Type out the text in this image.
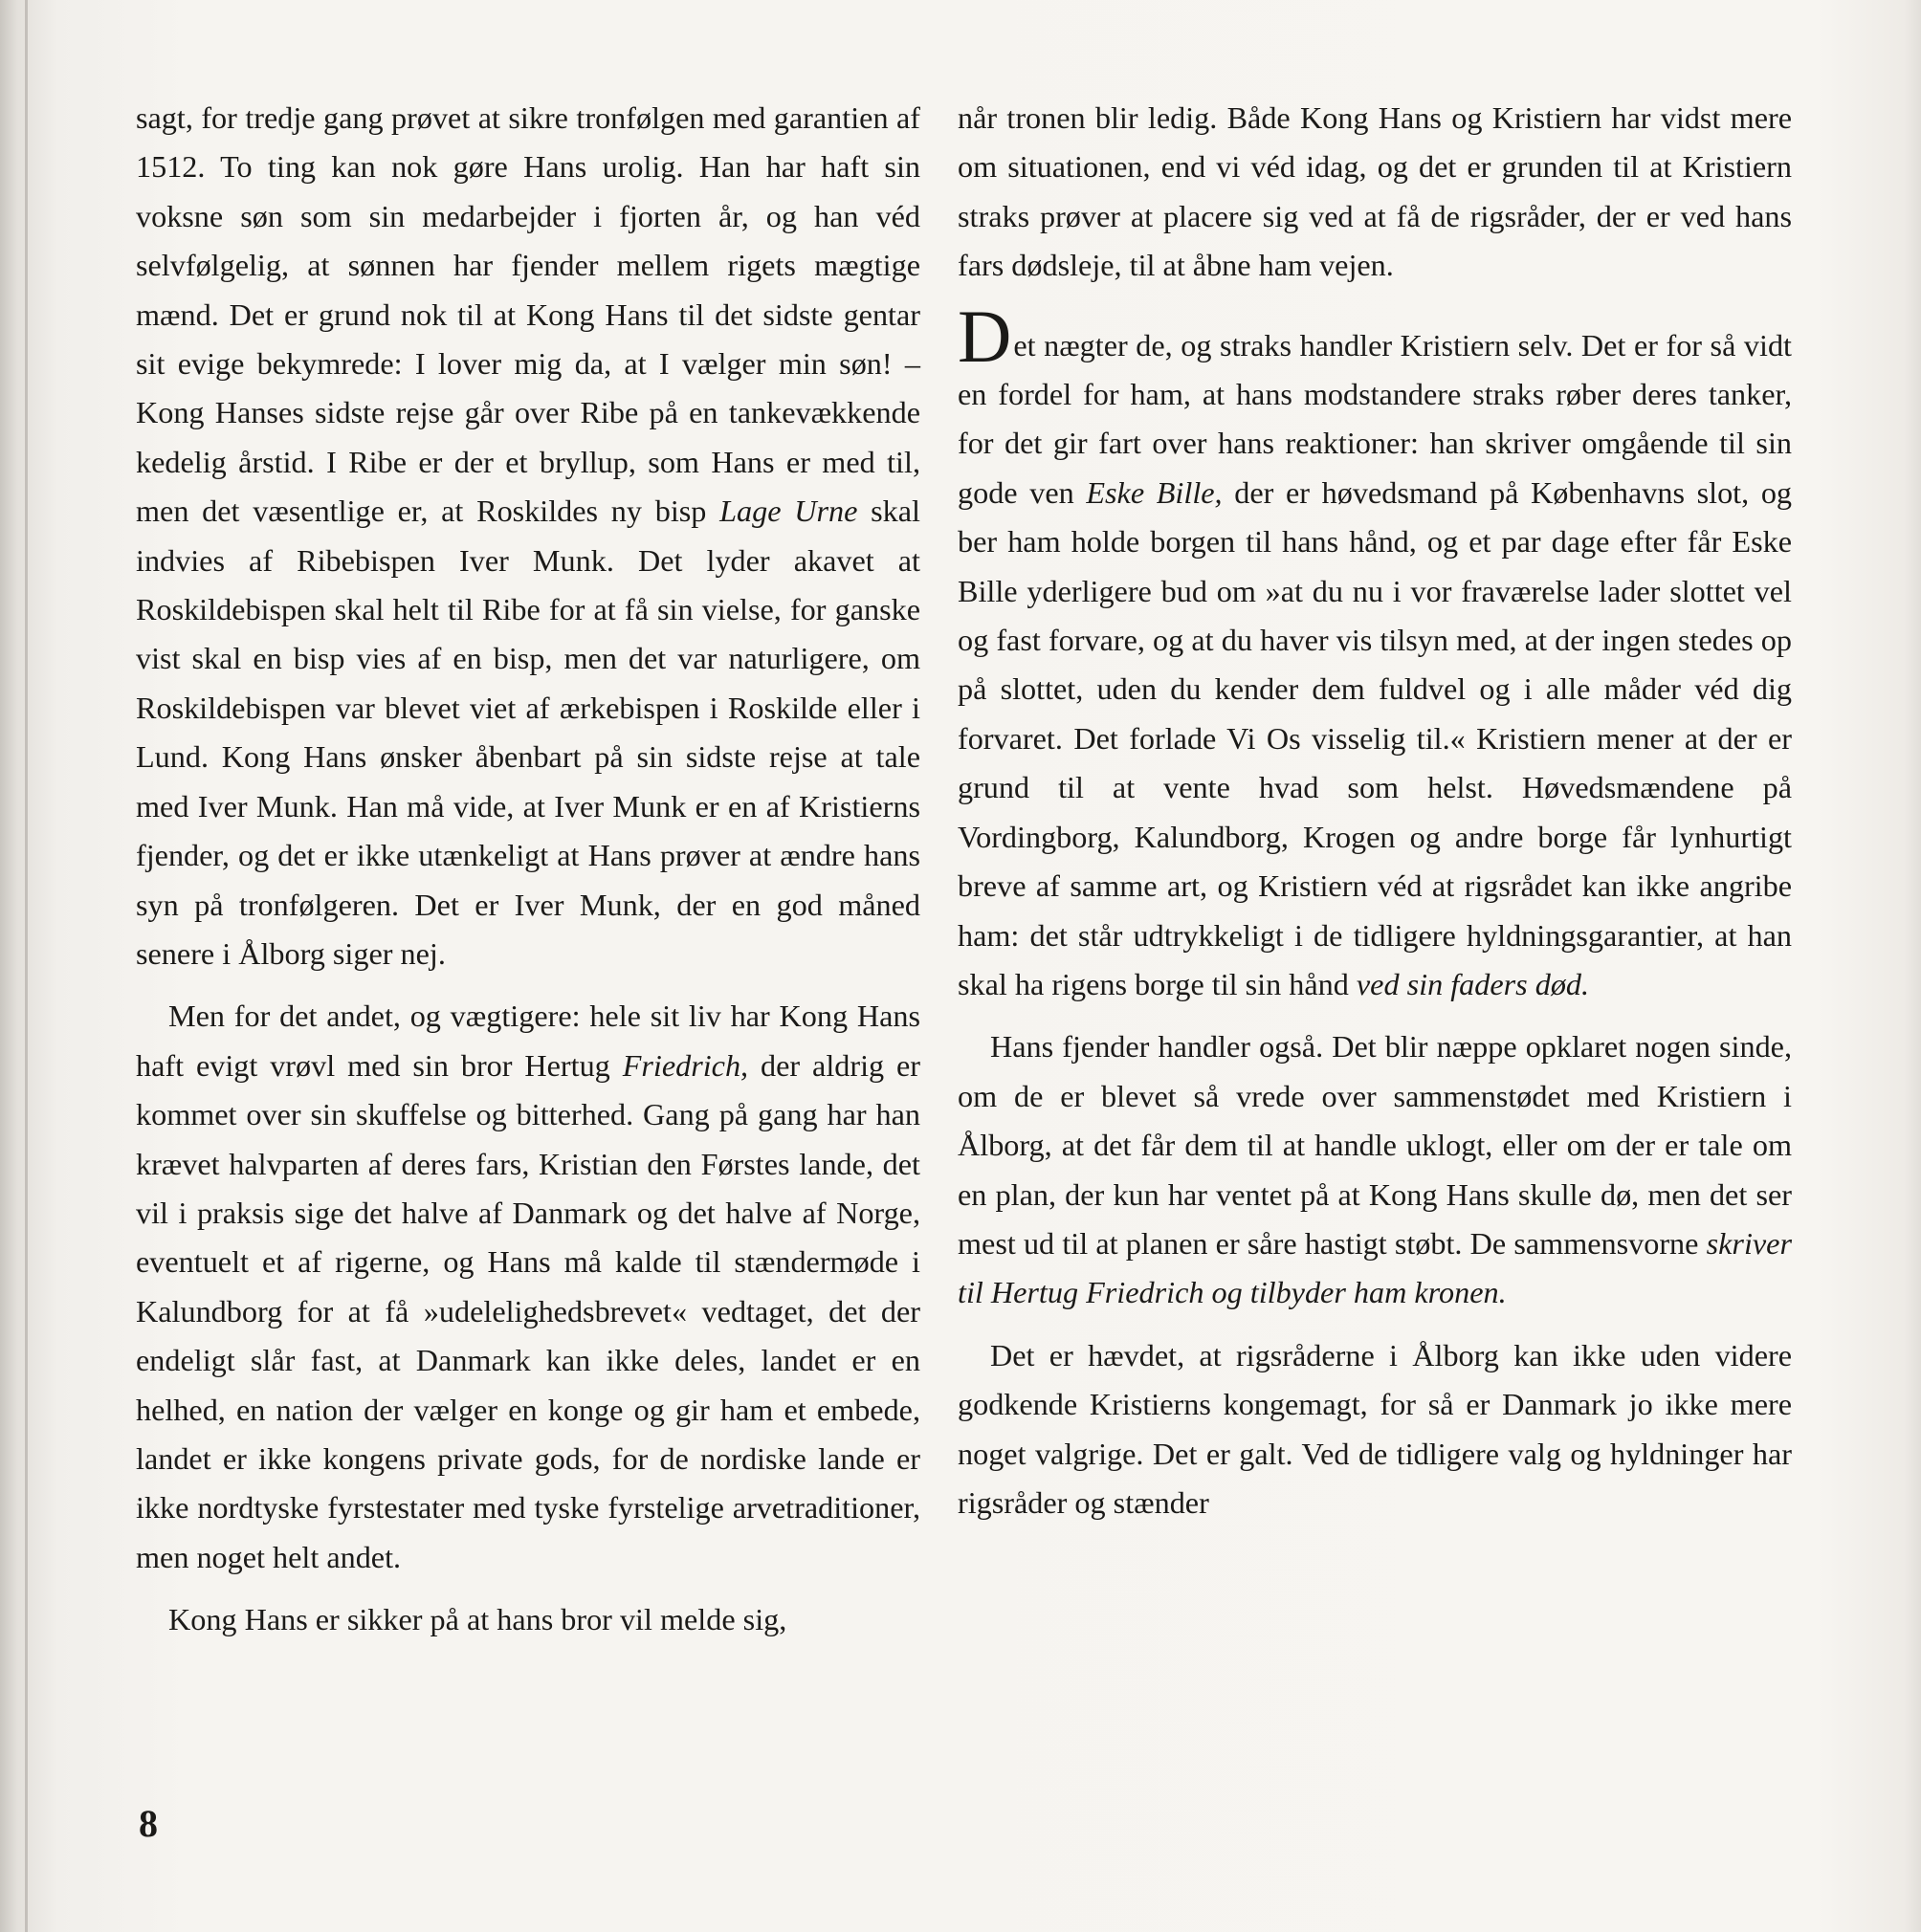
sagt, for tredje gang prøvet at sikre tronfølgen med garantien af 1512. To ting kan nok gøre Hans urolig. Han har haft sin voksne søn som sin medarbejder i fjorten år, og han véd selvfølgelig, at sønnen har fjender mellem rigets mægtige mænd. Det er grund nok til at Kong Hans til det sidste gentar sit evige bekymrede: I lover mig da, at I vælger min søn! – Kong Hanses sidste rejse går over Ribe på en tankevækkende kedelig årstid. I Ribe er der et bryllup, som Hans er med til, men det væsentlige er, at Roskildes ny bisp Lage Urne skal indvies af Ribebispen Iver Munk. Det lyder akavet at Roskildebispen skal helt til Ribe for at få sin vielse, for ganske vist skal en bisp vies af en bisp, men det var naturligere, om Roskildebispen var blevet viet af ærkebispen i Roskilde eller i Lund. Kong Hans ønsker åbenbart på sin sidste rejse at tale med Iver Munk. Han må vide, at Iver Munk er en af Kristierns fjender, og det er ikke utænkeligt at Hans prøver at ændre hans syn på tronfølgeren. Det er Iver Munk, der en god måned senere i Ålborg siger nej.

Men for det andet, og vægtigere: hele sit liv har Kong Hans haft evigt vrøvl med sin bror Hertug Friedrich, der aldrig er kommet over sin skuffelse og bitterhed. Gang på gang har han krævet halvparten af deres fars, Kristian den Førstes lande, det vil i praksis sige det halve af Danmark og det halve af Norge, eventuelt et af rigerne, og Hans må kalde til stændermøde i Kalundborg for at få »udelelighedsbrevet« vedtaget, det der endeligt slår fast, at Danmark kan ikke deles, landet er en helhed, en nation der vælger en konge og gir ham et embede, landet er ikke kongens private gods, for de nordiske lande er ikke nordtyske fyrstestater med tyske fyrstelige arvetraditioner, men noget helt andet.

Kong Hans er sikker på at hans bror vil melde sig,

når tronen blir ledig. Både Kong Hans og Kristiern har vidst mere om situationen, end vi véd idag, og det er grunden til at Kristiern straks prøver at placere sig ved at få de rigsråder, der er ved hans fars dødsleje, til at åbne ham vejen.

Det nægter de, og straks handler Kristiern selv. Det er for så vidt en fordel for ham, at hans modstandere straks røber deres tanker, for det gir fart over hans reaktioner: han skriver omgående til sin gode ven Eske Bille, der er høvedsmand på Københavns slot, og ber ham holde borgen til hans hånd, og et par dage efter får Eske Bille yderligere bud om »at du nu i vor fraværelse lader slottet vel og fast forvare, og at du haver vis tilsyn med, at der ingen stedes op på slottet, uden du kender dem fuldvel og i alle måder véd dig forvaret. Det forlade Vi Os visselig til.« Kristiern mener at der er grund til at vente hvad som helst. Høvedsmændene på Vordingborg, Kalundborg, Krogen og andre borge får lynhurtigt breve af samme art, og Kristiern véd at rigsrådet kan ikke angribe ham: det står udtrykkeligt i de tidligere hyldningsgarantier, at han skal ha rigens borge til sin hånd ved sin faders død.

Hans fjender handler også. Det blir næppe opklaret nogen sinde, om de er blevet så vrede over sammenstødet med Kristiern i Ålborg, at det får dem til at handle uklogt, eller om der er tale om en plan, der kun har ventet på at Kong Hans skulle dø, men det ser mest ud til at planen er såre hastigt støbt. De sammensvorne skriver til Hertug Friedrich og tilbyder ham kronen.

Det er hævdet, at rigsråderne i Ålborg kan ikke uden videre godkende Kristierns kongemagt, for så er Danmark jo ikke mere noget valgrige. Det er galt. Ved de tidligere valg og hyldninger har rigsråder og stænder

8
